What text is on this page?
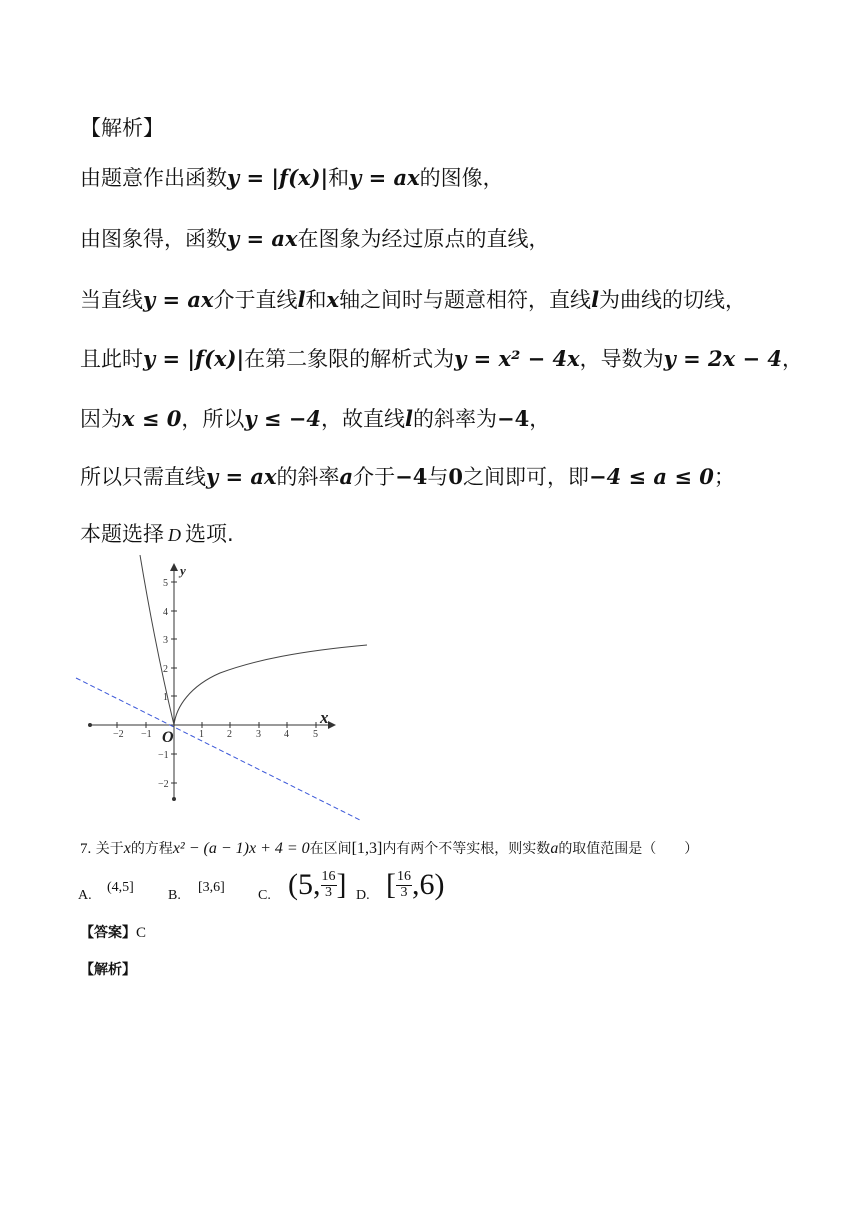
【解析】
由题意作出函数y = |f(x)|和y = ax的图像，
由图象得，函数y = ax在图象为经过原点的直线，
当直线y = ax介于直线l和x轴之间时与题意相符，直线l为曲线的切线，
且此时y = |f(x)|在第二象限的解析式为y = x² − 4x，导数为y = 2x − 4，
因为x ≤ 0，所以y ≤ −4，故直线l的斜率为−4，
所以只需直线y = ax的斜率a介于−4与0之间即可，即−4 ≤ a ≤ 0；
本题选择 D 选项.
−2 −1	1 2 3 4 5
5
4
3
2
1
−1
−2
x
y
O
7. 关于x的方程x² − (a − 1)x + 4 = 0在区间[1,3]内有两个不等实根，则实数a的取值范围是（　　）
A.
(4,5]
B.
[3,6]
C. (5, $\frac{16}{3}$ ] D. [ $\frac{16}{3} ,6$)
【答案】C
【解析】
